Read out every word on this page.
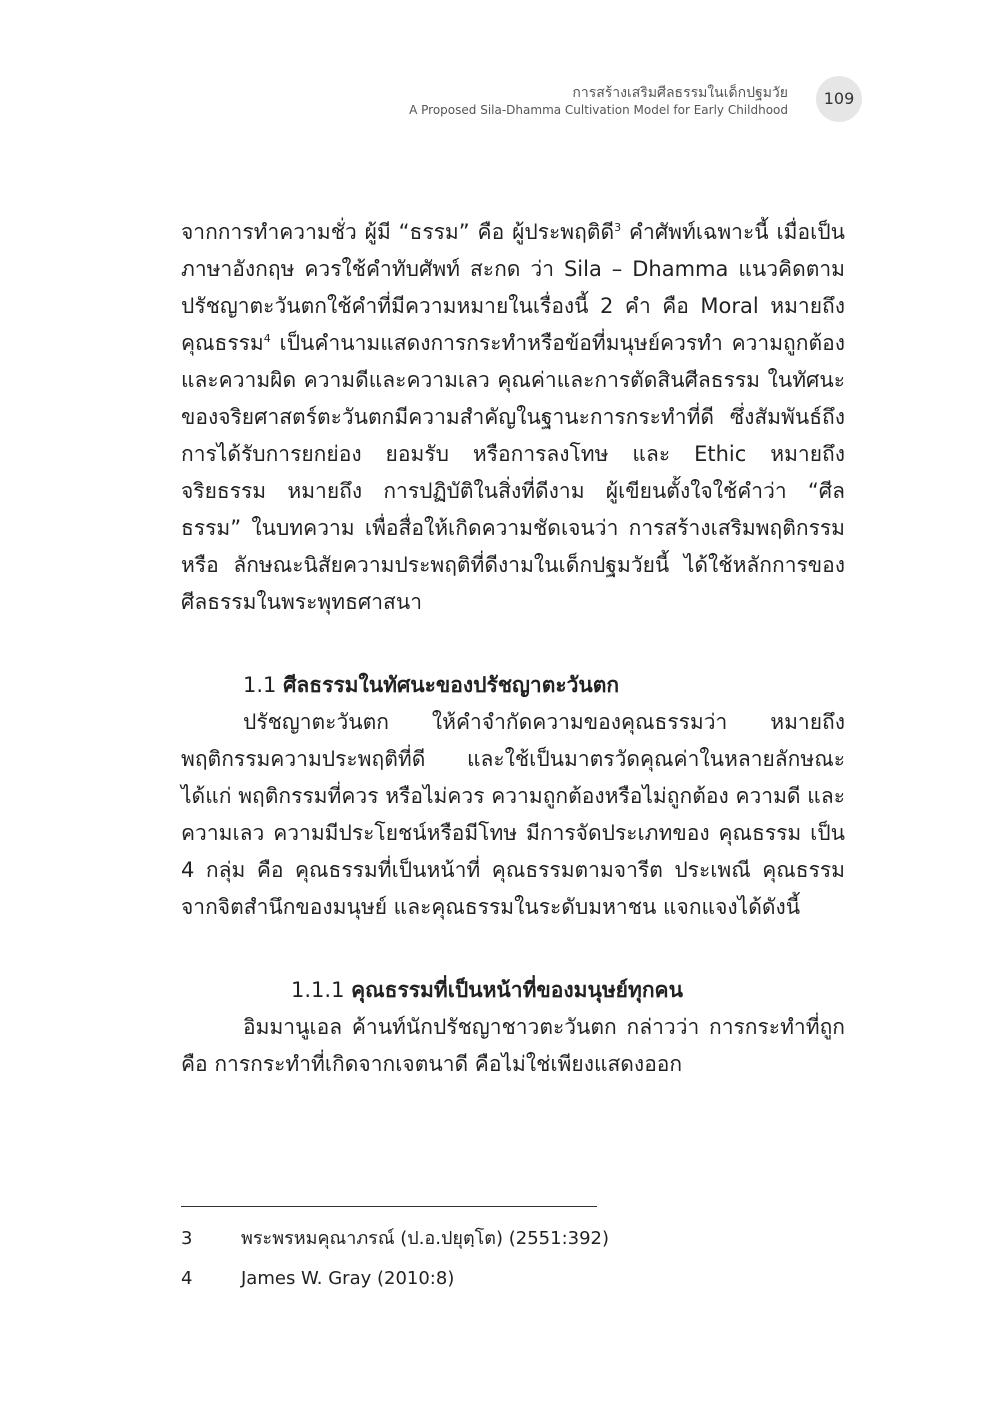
การสร้างเสริมศีลธรรมในเด็กปฐมวัย
A Proposed Sila-Dhamma Cultivation Model for Early Childhood
109

จากการทำความชั่ว ผู้มี “ธรรม” คือ ผู้ประพฤติดี$^3$ คำศัพท์เฉพาะนี้ เมื่อเป็นภาษาอังกฤษ ควรใช้คำทับศัพท์ สะกด ว่า Sila – Dhamma แนวคิดตามปรัชญาตะวันตกใช้คำที่มีความหมายในเรื่องนี้ 2 คำ คือ Moral หมายถึง คุณธรรม$^4$ เป็นคำนามแสดงการกระทำหรือข้อที่มนุษย์ควรทำ ความถูกต้องและความผิด ความดีและความเลว คุณค่าและการตัดสินศีลธรรม ในทัศนะของจริยศาสตร์ตะวันตกมีความสำคัญในฐานะการกระทำที่ดี ซึ่งสัมพันธ์ถึงการได้รับการยกย่อง ยอมรับ หรือการลงโทษ และ Ethic หมายถึง จริยธรรม หมายถึง การปฏิบัติในสิ่งที่ดีงาม ผู้เขียนตั้งใจใช้คำว่า “ศีลธรรม” ในบทความ เพื่อสื่อให้เกิดความชัดเจนว่า การสร้างเสริมพฤติกรรม หรือ ลักษณะนิสัยความประพฤติที่ดีงามในเด็กปฐมวัยนี้ ได้ใช้หลักการของศีลธรรมในพระพุทธศาสนา

1.1 ศีลธรรมในทัศนะของปรัชญาตะวันตก

ปรัชญาตะวันตก ให้คำจำกัดความของคุณธรรมว่า หมายถึง พฤติกรรมความประพฤติที่ดี และใช้เป็นมาตรวัดคุณค่าในหลายลักษณะ ได้แก่ พฤติกรรมที่ควร หรือไม่ควร ความถูกต้องหรือไม่ถูกต้อง ความดี และความเลว ความมีประโยชน์หรือมีโทษ มีการจัดประเภทของ คุณธรรม เป็น 4 กลุ่ม คือ คุณธรรมที่เป็นหน้าที่ คุณธรรมตามจารีต ประเพณี คุณธรรมจากจิตสำนึกของมนุษย์ และคุณธรรมในระดับมหาชน แจกแจงได้ดังนี้

1.1.1 คุณธรรมที่เป็นหน้าที่ของมนุษย์ทุกคน

อิมมานูเอล ค้านท์นักปรัชญาชาวตะวันตก กล่าวว่า การกระทำที่ถูกคือ การกระทำที่เกิดจากเจตนาดี คือไม่ใช่เพียงแสดงออก

3	พระพรหมคุณาภรณ์ (ป.อ.ปยุตฺโต) (2551:392)
4	James W. Gray (2010:8)
